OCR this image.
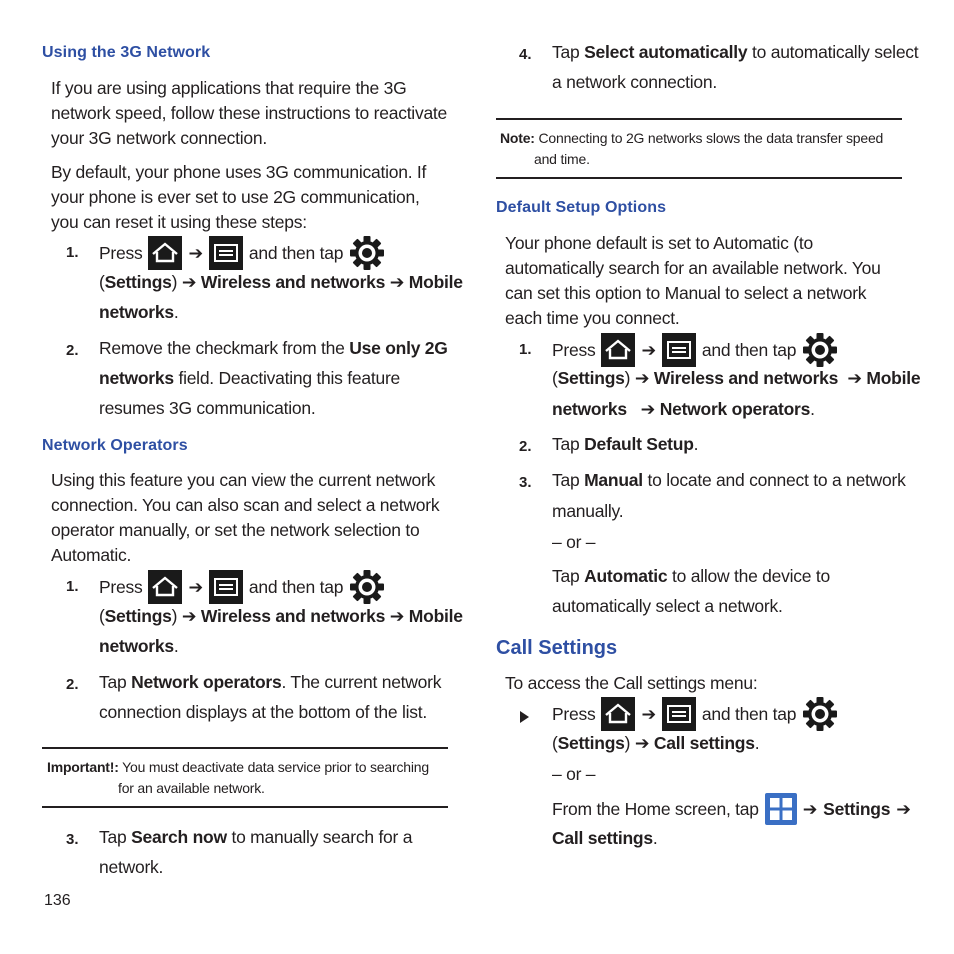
Using the 3G Network
If you are using applications that require the 3G network speed, follow these instructions to reactivate your 3G network connection.
By default, your phone uses 3G communication. If your phone is ever set to use 2G communication, you can reset it using these steps:
1. Press	➔	and then tap
(Settings) ➔ Wireless and networks ➔ Mobile
networks.
2. Remove the checkmark from the Use only 2G
networks field. Deactivating this feature
resumes 3G communication.
Network Operators
Using this feature you can view the current network connection. You can also scan and select a network operator manually, or set the network selection to Automatic.
1. Press	➔	and then tap
(Settings) ➔ Wireless and networks ➔ Mobile
networks.
2. Tap Network operators. The current network
connection displays at the bottom of the list.
Important!: You must deactivate data service prior to searching
for an available network.
3. Tap Search now to manually search for a
network.
136
4. Tap Select automatically to automatically select
a network connection.
Note: Connecting to 2G networks slows the data transfer speed
and time.
Default Setup Options
Your phone default is set to Automatic (to automatically search for an available network. You can set this option to Manual to select a network each time you connect.
1. Press	➔	and then tap
(Settings) ➔ Wireless and networks ➔ Mobile
networks ➔ Network operators.
2. Tap Default Setup.
3. Tap Manual to locate and connect to a network
manually.
– or –
Tap Automatic to allow the device to
automatically select a network.
Call Settings
To access the Call settings menu:
Press	➔	and then tap
(Settings) ➔ Call settings.
– or –
From the Home screen, tap	➔ Settings ➔
Call settings.
